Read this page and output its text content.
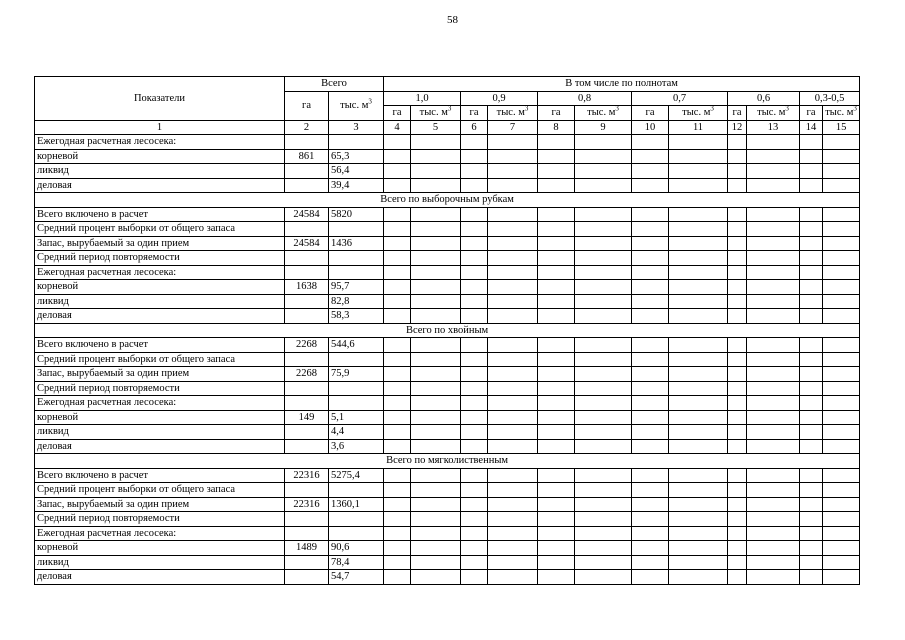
58
Показатели	Всего		В том числе по полнотам											
	га	тыс. $м^3$	1,0		0,9		0,8		0,7		0,6		0,3-0,5	
			га	тыс. $м^3$	га	тыс. $м^3$	га	тыс. $м^3$	га	тыс. $м^3$	га	тыс. $м^3$	га	тыс. $м^3$
1	2	3	4	5	6	7	8	9	10	11	12	13	14	15
Ежегодная расчетная лесосека:														
корневой	861	65,3												
ликвид		56,4												
деловая		39,4												
Всего по выборочным рубкам														
Всего включено в расчет	24584	5820												
Средний процент выборки от общего запаса														
Запас, вырубаемый за один прием	24584	1436												
Средний период повторяемости														
Ежегодная расчетная лесосека:														
корневой	1638	95,7												
ликвид		82,8												
деловая		58,3												
Всего по хвойным														
Всего включено в расчет	2268	544,6												
Средний процент выборки от общего запаса														
Запас, вырубаемый за один прием	2268	75,9												
Средний период повторяемости														
Ежегодная расчетная лесосека:														
корневой	149	5,1												
ликвид		4,4												
деловая		3,6												
Всего по мягколиственным														
Всего включено в расчет	22316	5275,4												
Средний процент выборки от общего запаса														
Запас, вырубаемый за один прием	22316	1360,1												
Средний период повторяемости														
Ежегодная расчетная лесосека:														
корневой	1489	90,6												
ликвид		78,4												
деловая		54,7												
